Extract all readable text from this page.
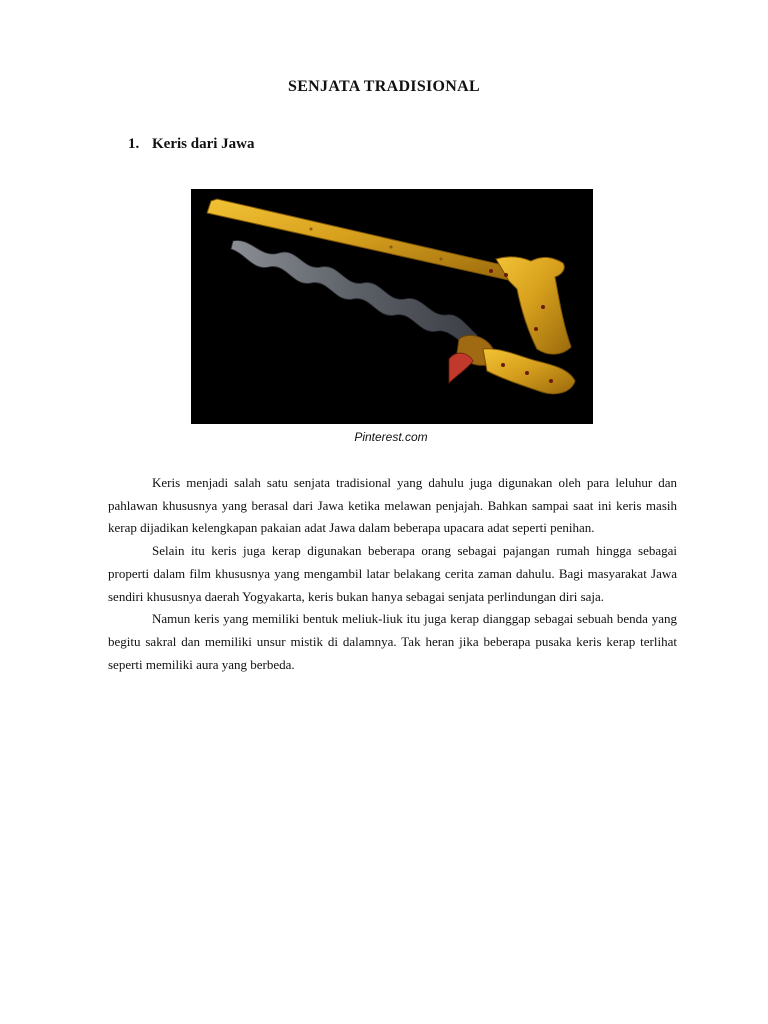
SENJATA TRADISIONAL
1. Keris dari Jawa
Pinterest.com

Keris menjadi salah satu senjata tradisional yang dahulu juga digunakan oleh para leluhur dan pahlawan khususnya yang berasal dari Jawa ketika melawan penjajah. Bahkan sampai saat ini keris masih kerap dijadikan kelengkapan pakaian adat Jawa dalam beberapa upacara adat seperti penihan.

Selain itu keris juga kerap digunakan beberapa orang sebagai pajangan rumah hingga sebagai properti dalam film khususnya yang mengambil latar belakang cerita zaman dahulu. Bagi masyarakat Jawa sendiri khususnya daerah Yogyakarta, keris bukan hanya sebagai senjata perlindungan diri saja.

Namun keris yang memiliki bentuk meliuk-liuk itu juga kerap dianggap sebagai sebuah benda yang begitu sakral dan memiliki unsur mistik di dalamnya. Tak heran jika beberapa pusaka keris kerap terlihat seperti memiliki aura yang berbeda.
